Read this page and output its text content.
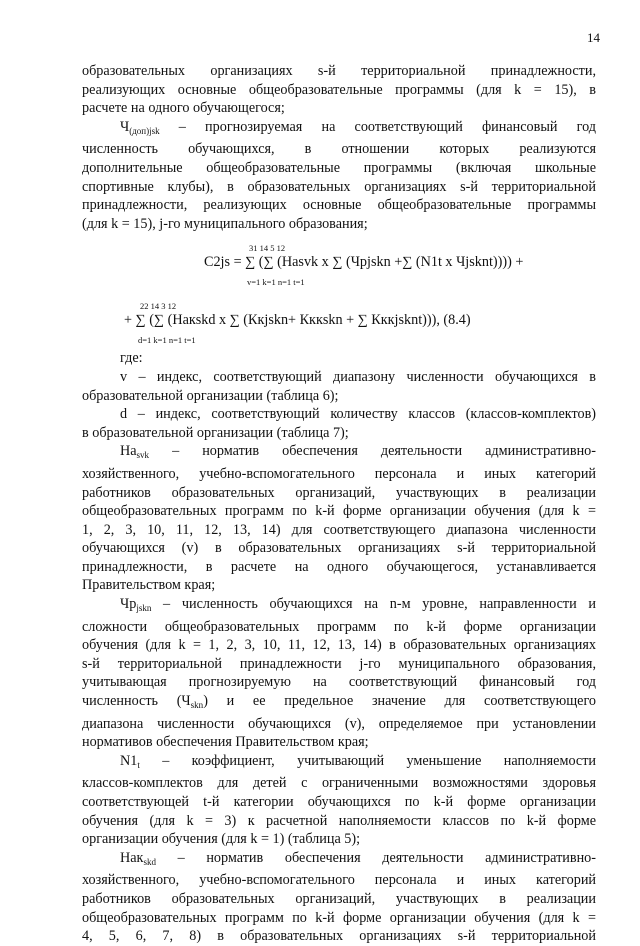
14

образовательных организациях s-й территориальной принадлежности,

реализующих основные общеобразовательные программы (для k = 15), в

расчете на одного обучающегося;

$Ч_{(доп)jsk}$ – прогнозируемая на соответствующий финансовый год

численность обучающихся, в отношении которых реализуются

дополнительные общеобразовательные программы (включая школьные

спортивные клубы), в образовательных организациях s-й территориальной

принадлежности, реализующих основные общеобразовательные программы

(для k = 15), j-го муниципального образования;

31 14 5 12
С2js = ∑ (∑ (Наsvk x ∑ (Чрjskn +∑ (N1t x Чjsknt)))) +
v=1 k=1 n=1 t=1
22 14 3 12
+ ∑ (∑ (Накskd x ∑ (Ккjskn+ Кккskn + ∑ Кккjsknt))), (8.4)
d=1 k=1 n=1 t=1

где:

v – индекс, соответствующий диапазону численности обучающихся в

образовательной организации (таблица 6);

d – индекс, соответствующий количеству классов (классов-комплектов)

в образовательной организации (таблица 7);

$На_{svk}$ – норматив обеспечения деятельности административно-

хозяйственного, учебно-вспомогательного персонала и иных категорий

работников образовательных организаций, участвующих в реализации

общеобразовательных программ по k-й форме организации обучения (для k =

1, 2, 3, 10, 11, 12, 13, 14) для соответствующего диапазона численности

обучающихся (v) в образовательных организациях s-й территориальной

принадлежности, в расчете на одного обучающегося, устанавливается

Правительством края;

$Чр_{jskn}$ – численность обучающихся на n-м уровне, направленности и

сложности общеобразовательных программ по k-й форме организации

обучения (для k = 1, 2, 3, 10, 11, 12, 13, 14) в образовательных организациях

s-й территориальной принадлежности j-го муниципального образования,

учитывающая прогнозируемую на соответствующий финансовый год

численность $(Ч_{skn})$ и ее предельное значение для соответствующего

диапазона численности обучающихся (v), определяемое при установлении

нормативов обеспечения Правительством края;

$N1_t$ – коэффициент, учитывающий уменьшение наполняемости

классов-комплектов для детей с ограниченными возможностями здоровья

соответствующей t-й категории обучающихся по k-й форме организации

обучения (для k = 3) к расчетной наполняемости классов по k-й форме

организации обучения (для k = 1) (таблица 5);

Нак$_{skd}$ – норматив обеспечения деятельности административно-

хозяйственного, учебно-вспомогательного персонала и иных категорий

работников образовательных организаций, участвующих в реализации

общеобразовательных программ по k-й форме организации обучения (для k =

4, 5, 6, 7, 8) в образовательных организациях s-й территориальной
